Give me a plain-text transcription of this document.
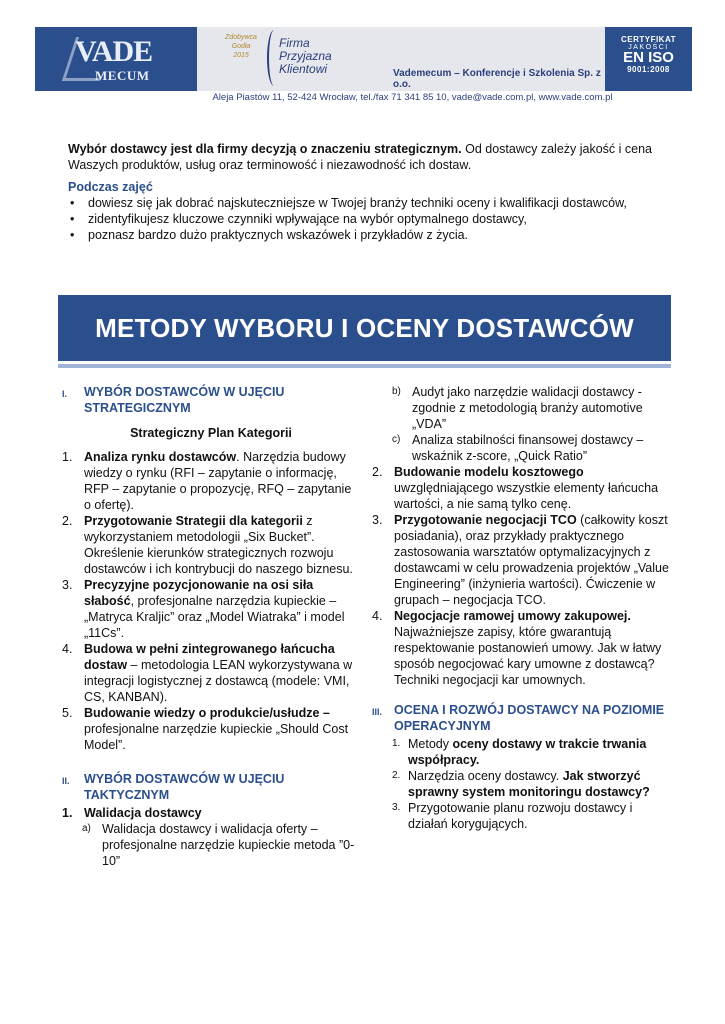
VADE
MECUM
Zdobywca
Godła
2015
Firma
Przyjazna
Klientowi	Vademecum – Konferencje i Szkolenia Sp. z o.o.
CERTYFIKAT
JAKOŚCI
EN ISO
9001:2008
Aleja Piastów 11, 52-424 Wrocław, tel./fax 71 341 85 10, vade@vade.com.pl, www.vade.com.pl

Wybór dostawcy jest dla firmy decyzją o znaczeniu strategicznym. Od dostawcy zależy jakość i cena Waszych produktów, usług oraz terminowość i niezawodność ich dostaw.

Podczas zajęć
• dowiesz się jak dobrać najskuteczniejsze w Twojej branży techniki oceny i kwalifikacji dostawców,
• zidentyfikujesz kluczowe czynniki wpływające na wybór optymalnego dostawcy,
• poznasz bardzo dużo praktycznych wskazówek i przykładów z życia.
METODY WYBORU I OCENY DOSTAWCÓW
I.	WYBÓR DOSTAWCÓW W UJĘCIU STRATEGICZNYM
Strategiczny Plan Kategorii
1. Analiza rynku dostawców. Narzędzia budowy wiedzy o rynku (RFI – zapytanie o informację, RFP – zapytanie o propozycję, RFQ – zapytanie o ofertę).
2. Przygotowanie Strategii dla kategorii z wykorzystaniem metodologii „Six Bucket”. Określenie kierunków strategicznych rozwoju dostawców i ich kontrybucji do naszego biznesu.
3. Precyzyjne pozycjonowanie na osi siła słabość, profesjonalne narzędzia kupieckie – „Matryca Kraljic” oraz „Model Wiatraka” i model „11Cs”.
4. Budowa w pełni zintegrowanego łańcucha dostaw – metodologia LEAN wykorzystywana w integracji logistycznej z dostawcą (modele: VMI, CS, KANBAN).
5. Budowanie wiedzy o produkcie/usłudze – profesjonalne narzędzie kupieckie „Should Cost Model”.
II.	WYBÓR DOSTAWCÓW W UJĘCIU TAKTYCZNYM
1. Walidacja dostawcy
a) Walidacja dostawcy i walidacja oferty – profesjonalne narzędzie kupieckie metoda ”0-10”
b) Audyt jako narzędzie walidacji dostawcy - zgodnie z metodologią branży automotive „VDA”
c) Analiza stabilności finansowej dostawcy – wskaźnik z-score, „Quick Ratio”
2. Budowanie modelu kosztowego uwzględniającego wszystkie elementy łańcucha wartości, a nie samą tylko cenę.
3. Przygotowanie negocjacji TCO (całkowity koszt posiadania), oraz przykłady praktycznego zastosowania warsztatów optymalizacyjnych z dostawcami w celu prowadzenia projektów „Value Engineering” (inżynieria wartości). Ćwiczenie w grupach – negocjacja TCO.
4. Negocjacje ramowej umowy zakupowej. Najważniejsze zapisy, które gwarantują respektowanie postanowień umowy. Jak w łatwy sposób negocjować kary umowne z dostawcą? Techniki negocjacji kar umownych.
III. OCENA I ROZWÓJ DOSTAWCY NA POZIOMIE OPERACYJNYM
1. Metody oceny dostawy w trakcie trwania współpracy.
2. Narzędzia oceny dostawcy. Jak stworzyć sprawny system monitoringu dostawcy?
3. Przygotowanie planu rozwoju dostawcy i działań korygujących.
